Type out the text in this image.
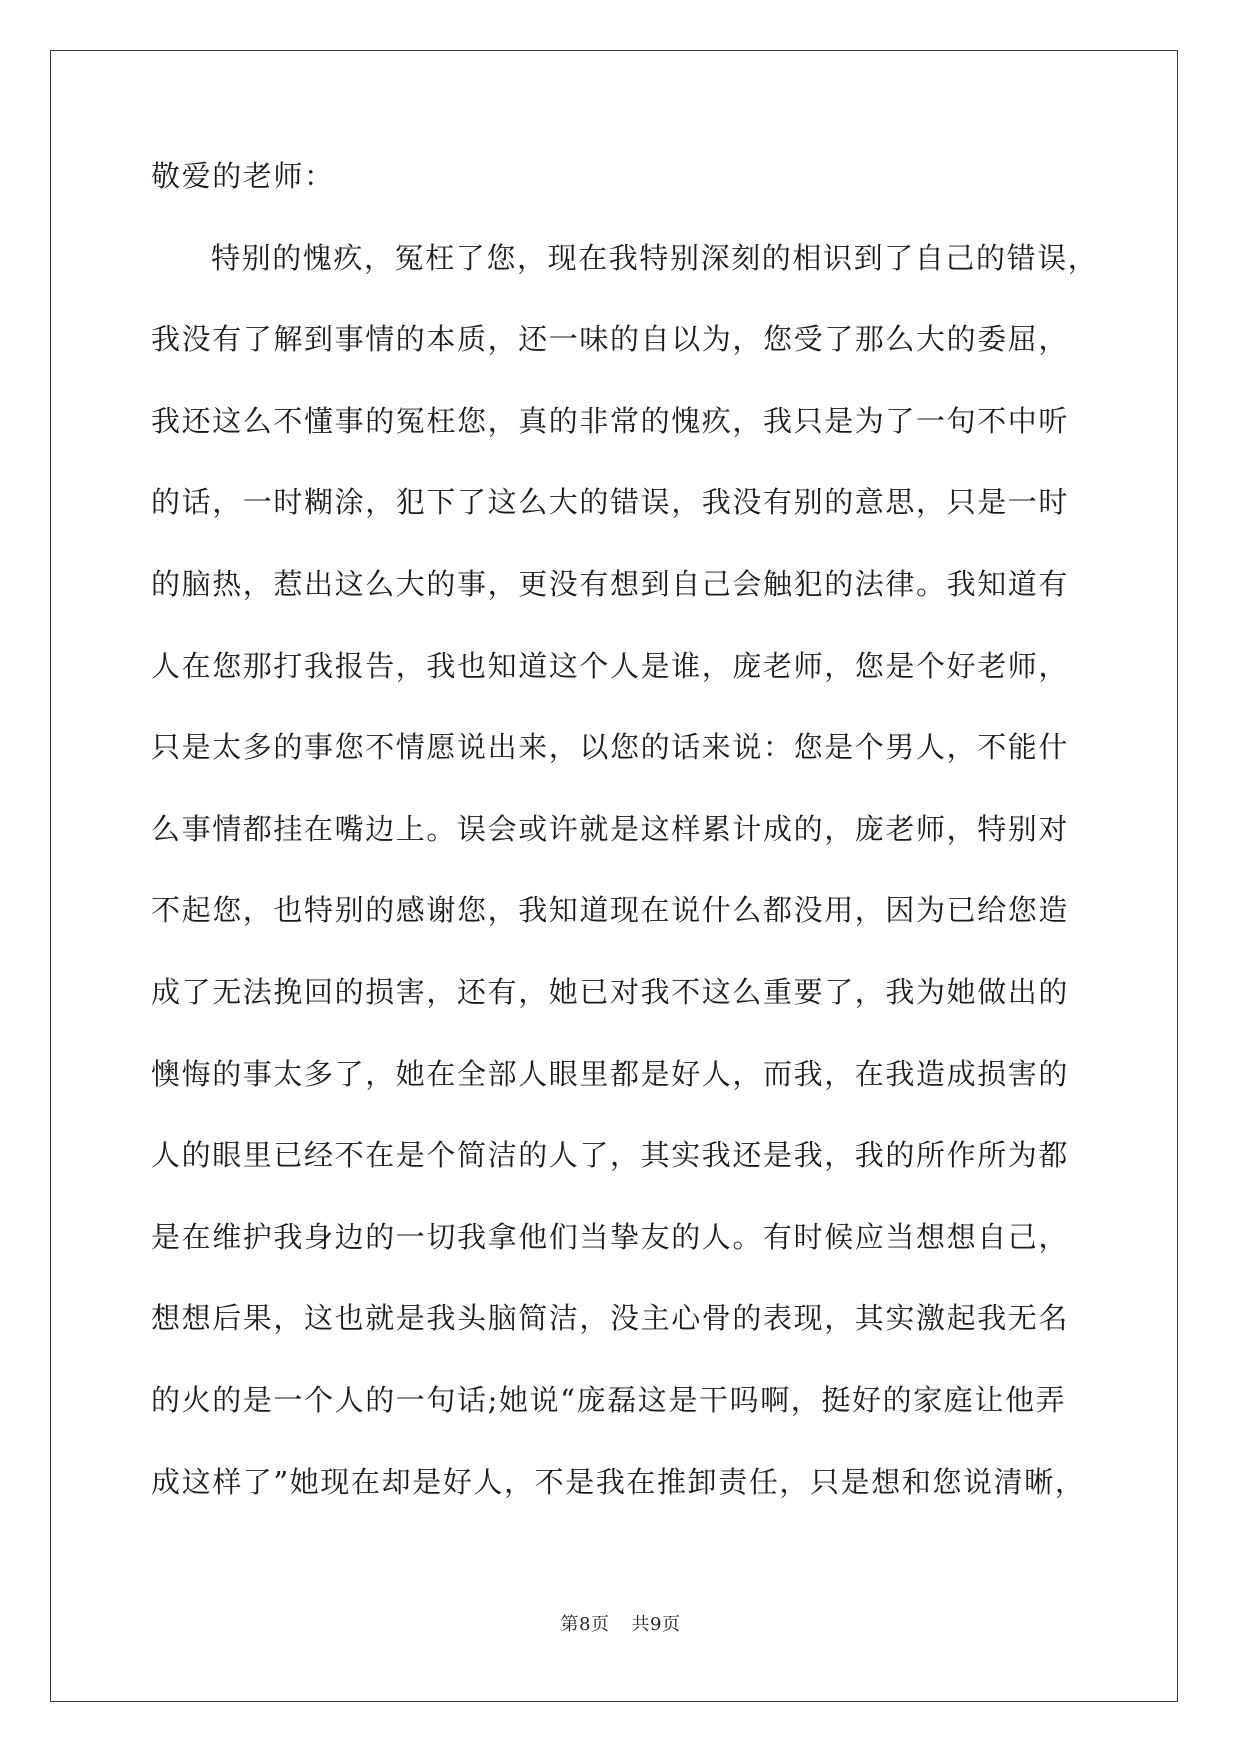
敬爱的老师：
特别的愧疚，冤枉了您，现在我特别深刻的相识到了自己的错误，
我没有了解到事情的本质，还一味的自以为，您受了那么大的委屈，
我还这么不懂事的冤枉您，真的非常的愧疚，我只是为了一句不中听
的话，一时糊涂，犯下了这么大的错误，我没有别的意思，只是一时
的脑热，惹出这么大的事，更没有想到自己会触犯的法律。我知道有
人在您那打我报告，我也知道这个人是谁，庞老师，您是个好老师，
只是太多的事您不情愿说出来，以您的话来说：您是个男人，不能什
么事情都挂在嘴边上。误会或许就是这样累计成的，庞老师，特别对
不起您，也特别的感谢您，我知道现在说什么都没用，因为已给您造
成了无法挽回的损害，还有，她已对我不这么重要了，我为她做出的
懊悔的事太多了，她在全部人眼里都是好人，而我，在我造成损害的
人的眼里已经不在是个简洁的人了，其实我还是我，我的所作所为都
是在维护我身边的一切我拿他们当挚友的人。有时候应当想想自己，
想想后果，这也就是我头脑简洁，没主心骨的表现，其实激起我无名
的火的是一个人的一句话;她说“庞磊这是干吗啊，挺好的家庭让他弄
成这样了”她现在却是好人，不是我在推卸责任，只是想和您说清晰，
第8页 共9页
